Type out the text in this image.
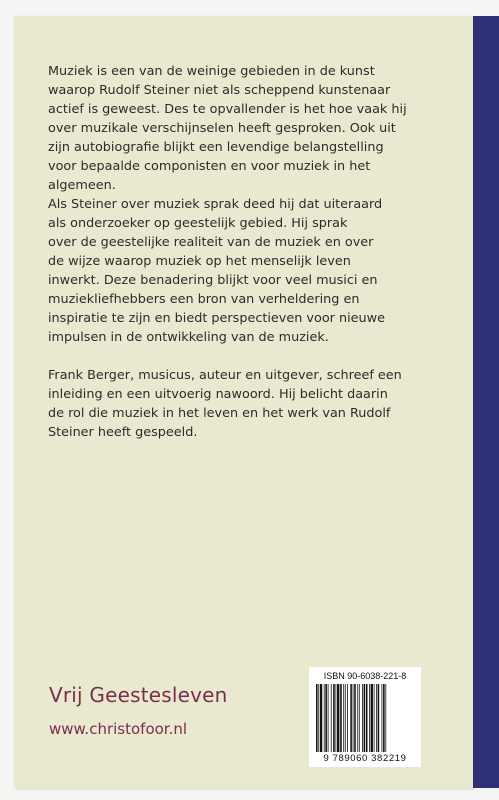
Muziek is een van de weinige gebieden in de kunst

waarop Rudolf Steiner niet als scheppend kunstenaar

actief is geweest. Des te opvallender is het hoe vaak hij

over muzikale verschijnselen heeft gesproken. Ook uit

zijn autobiografie blijkt een levendige belangstelling

voor bepaalde componisten en voor muziek in het

algemeen.

Als Steiner over muziek sprak deed hij dat uiteraard

als onderzoeker op geestelijk gebied. Hij sprak

over de geestelijke realiteit van de muziek en over

de wijze waarop muziek op het menselijk leven

inwerkt. Deze benadering blijkt voor veel musici en

muziekliefhebbers een bron van verheldering en

inspiratie te zijn en biedt perspectieven voor nieuwe

impulsen in de ontwikkeling van de muziek.

Frank Berger, musicus, auteur en uitgever, schreef een

inleiding en een uitvoerig nawoord. Hij belicht daarin

de rol die muziek in het leven en het werk van Rudolf

Steiner heeft gespeeld.

Vrij Geestesleven
www.christofoor.nl
ISBN 90-6038-221-8
9 789060 382219
